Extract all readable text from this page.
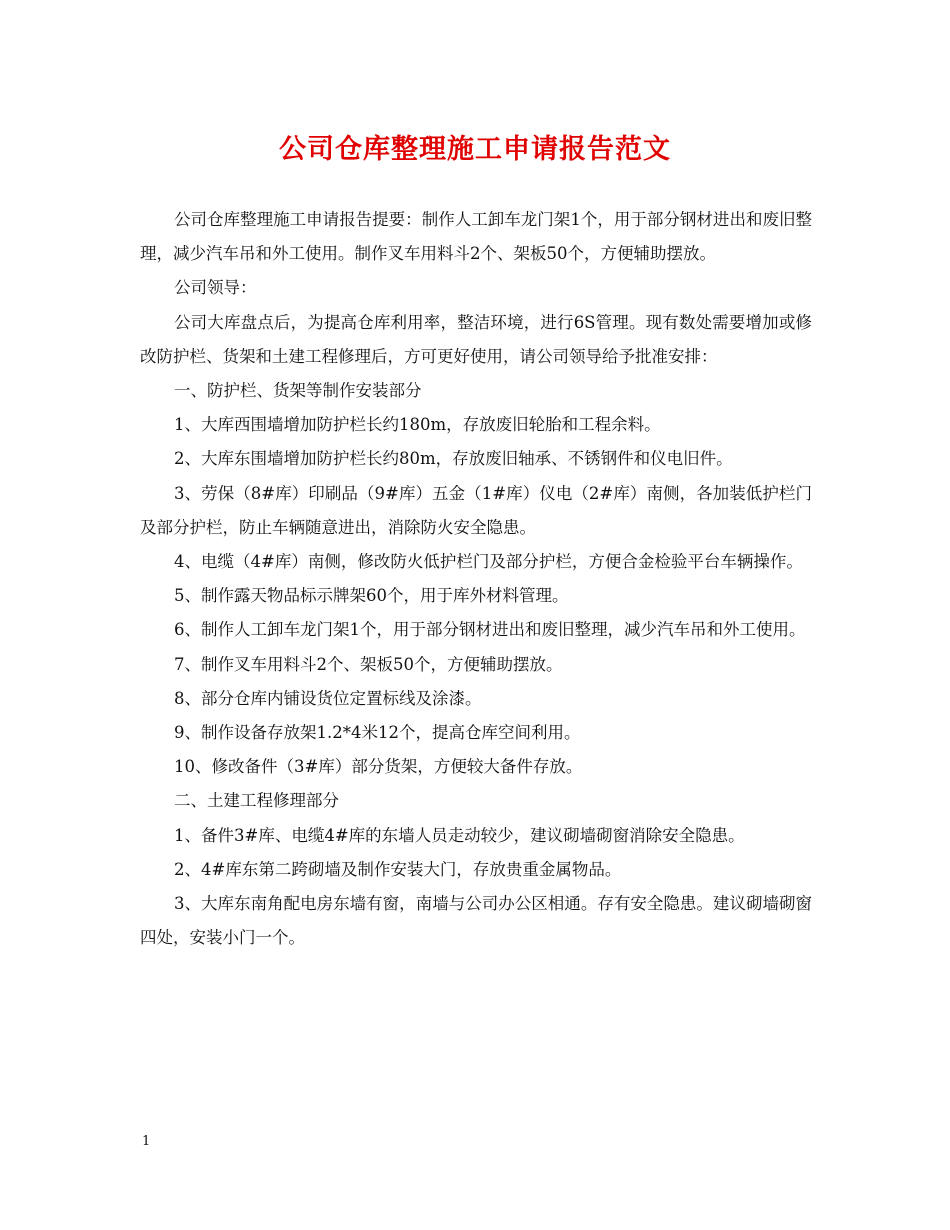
公司仓库整理施工申请报告范文

公司仓库整理施工申请报告提要：制作人工卸车龙门架1个，用于部分钢材进出和废旧整理，减少汽车吊和外工使用。制作叉车用料斗2个、架板50个，方便辅助摆放。

公司领导：

公司大库盘点后，为提高仓库利用率，整洁环境，进行6S管理。现有数处需要增加或修改防护栏、货架和土建工程修理后，方可更好使用，请公司领导给予批准安排：

一、防护栏、货架等制作安装部分

1、大库西围墙增加防护栏长约180m，存放废旧轮胎和工程余料。

2、大库东围墙增加防护栏长约80m，存放废旧轴承、不锈钢件和仪电旧件。

3、劳保（8#库）印刷品（9#库）五金（1#库）仪电（2#库）南侧，各加装低护栏门及部分护栏，防止车辆随意进出，消除防火安全隐患。

4、电缆（4#库）南侧，修改防火低护栏门及部分护栏，方便合金检验平台车辆操作。

5、制作露天物品标示牌架60个，用于库外材料管理。

6、制作人工卸车龙门架1个，用于部分钢材进出和废旧整理，减少汽车吊和外工使用。

7、制作叉车用料斗2个、架板50个，方便辅助摆放。

8、部分仓库内铺设货位定置标线及涂漆。

9、制作设备存放架1.2*4米12个，提高仓库空间利用。

10、修改备件（3#库）部分货架，方便较大备件存放。

二、土建工程修理部分

1、备件3#库、电缆4#库的东墙人员走动较少，建议砌墙砌窗消除安全隐患。

2、4#库东第二跨砌墙及制作安装大门，存放贵重金属物品。

3、大库东南角配电房东墙有窗，南墙与公司办公区相通。存有安全隐患。建议砌墙砌窗四处，安装小门一个。

1
